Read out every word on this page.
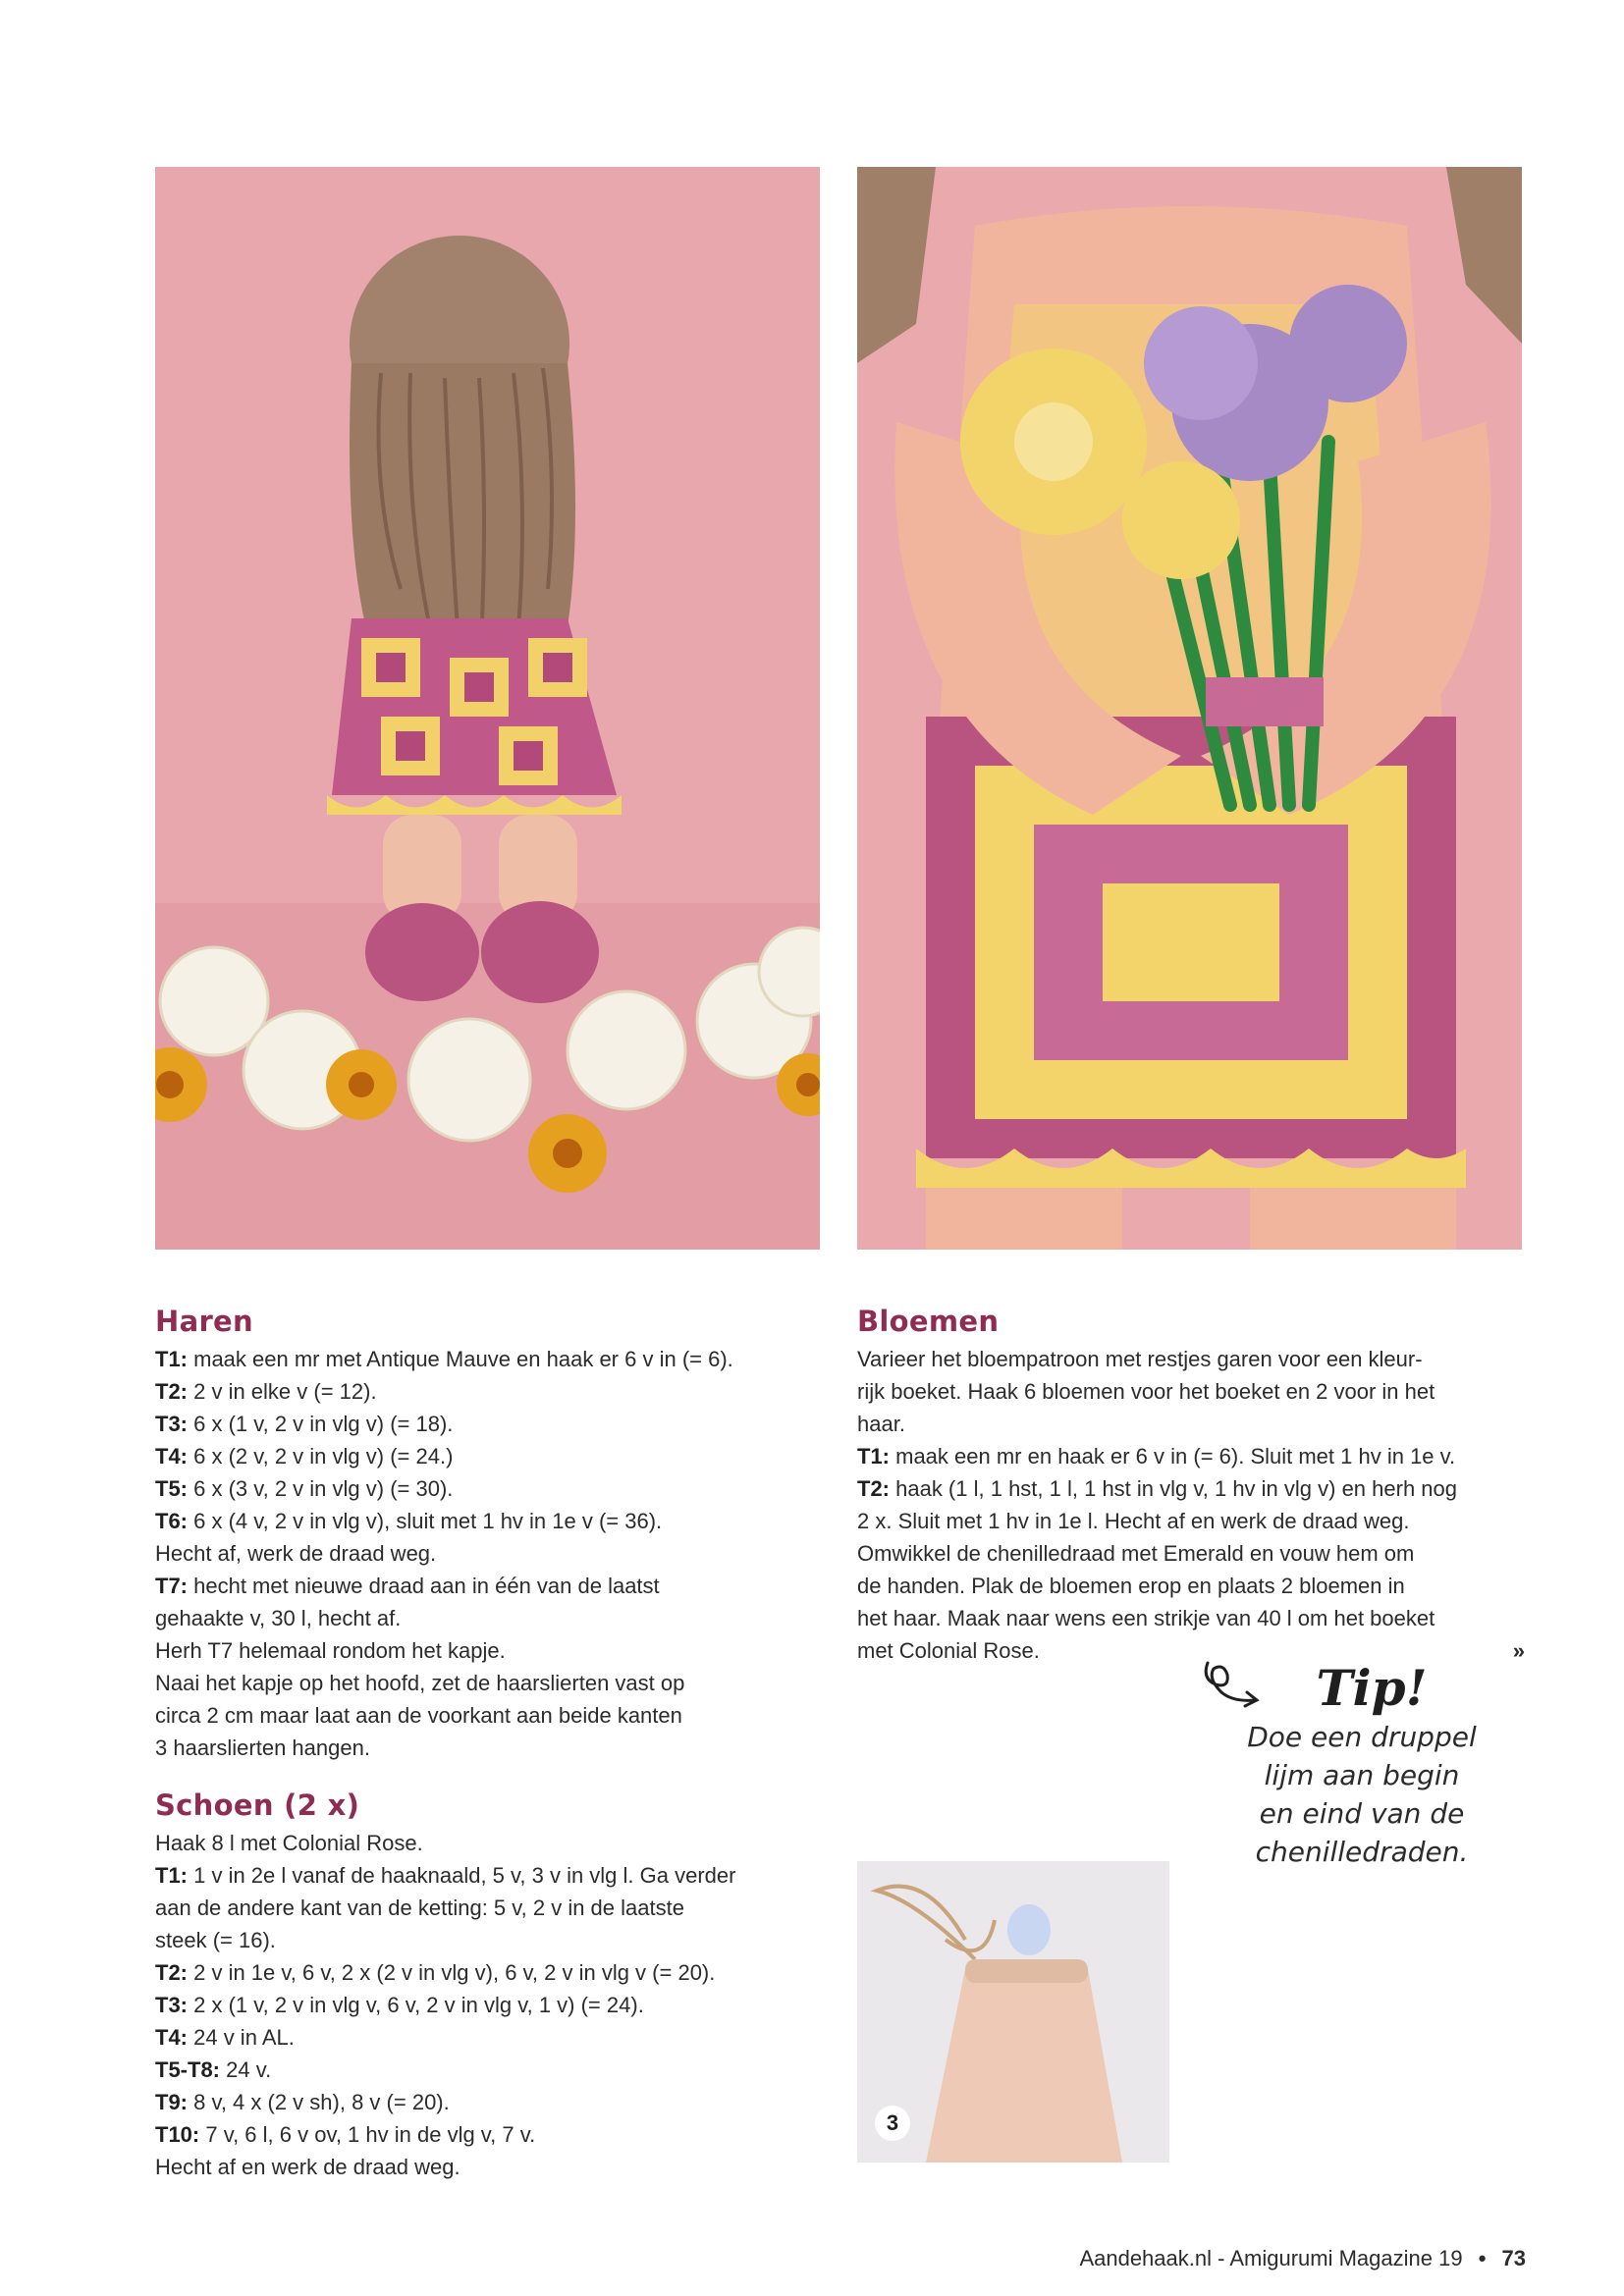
3
Haren
T1: maak een mr met Antique Mauve en haak er 6 v in (= 6).
T2: 2 v in elke v (= 12).
T3: 6 x (1 v, 2 v in vlg v) (= 18).
T4: 6 x (2 v, 2 v in vlg v) (= 24.)
T5: 6 x (3 v, 2 v in vlg v) (= 30).
T6: 6 x (4 v, 2 v in vlg v), sluit met 1 hv in 1e v (= 36).
Hecht af, werk de draad weg.
T7: hecht met nieuwe draad aan in één van de laatst
gehaakte v, 30 l, hecht af.
Herh T7 helemaal rondom het kapje.
Naai het kapje op het hoofd, zet de haarslierten vast op
circa 2 cm maar laat aan de voorkant aan beide kanten
3 haarslierten hangen.
Schoen (2 x)
Haak 8 l met Colonial Rose.
T1: 1 v in 2e l vanaf de haaknaald, 5 v, 3 v in vlg l. Ga verder
aan de andere kant van de ketting: 5 v, 2 v in de laatste
steek (= 16).
T2: 2 v in 1e v, 6 v, 2 x (2 v in vlg v), 6 v, 2 v in vlg v (= 20).
T3: 2 x (1 v, 2 v in vlg v, 6 v, 2 v in vlg v, 1 v) (= 24).
T4: 24 v in AL.
T5-T8: 24 v.
T9: 8 v, 4 x (2 v sh), 8 v (= 20).
T10: 7 v, 6 l, 6 v ov, 1 hv in de vlg v, 7 v.
Hecht af en werk de draad weg.
Bloemen
Varieer het bloempatroon met restjes garen voor een kleur-
rijk boeket. Haak 6 bloemen voor het boeket en 2 voor in het
haar.
T1: maak een mr en haak er 6 v in (= 6). Sluit met 1 hv in 1e v.
T2: haak (1 l, 1 hst, 1 l, 1 hst in vlg v, 1 hv in vlg v) en herh nog
2 x. Sluit met 1 hv in 1e l. Hecht af en werk de draad weg.
Omwikkel de chenilledraad met Emerald en vouw hem om
de handen. Plak de bloemen erop en plaats 2 bloemen in
het haar. Maak naar wens een strikje van 40 l om het boeket
met Colonial Rose.	»
Tip!
Doe een druppel
lijm aan begin
en eind van de
chenilledraden.
Aandehaak.nl - Amigurumi Magazine 19 • 73
